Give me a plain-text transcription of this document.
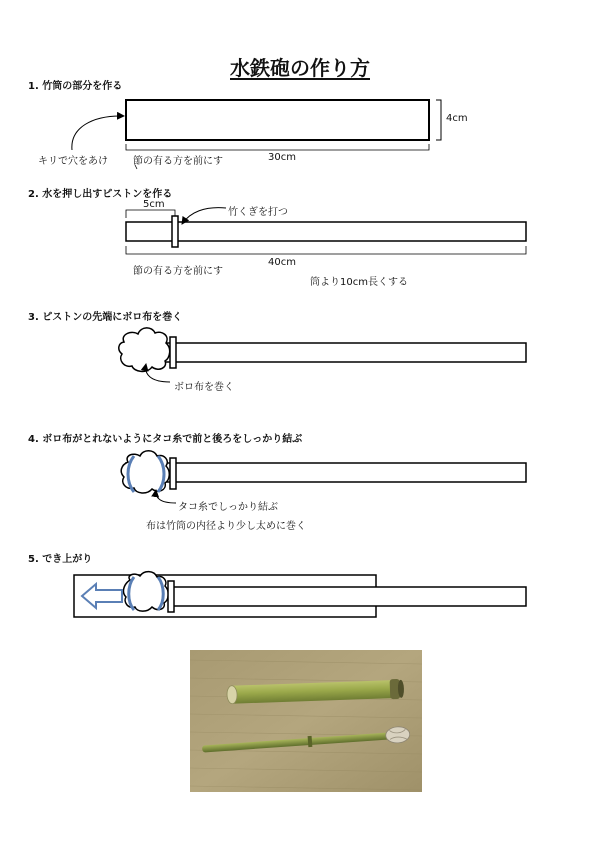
水鉄砲の作り方
1. 竹筒の部分を作る
2. 水を押し出すピストンを作る
3. ピストンの先端にボロ布を巻く
4. ボロ布がとれないようにタコ糸で前と後ろをしっかり結ぶ
5. でき上がり
キリで穴をあけ	節の有る方を前にす	30cm
4cm
5cm
竹くぎを打つ
節の有る方を前にす
40cm
筒より10cm長くする
ボロ布を巻く
タコ糸でしっかり結ぶ
布は竹筒の内径より少し太めに巻く
